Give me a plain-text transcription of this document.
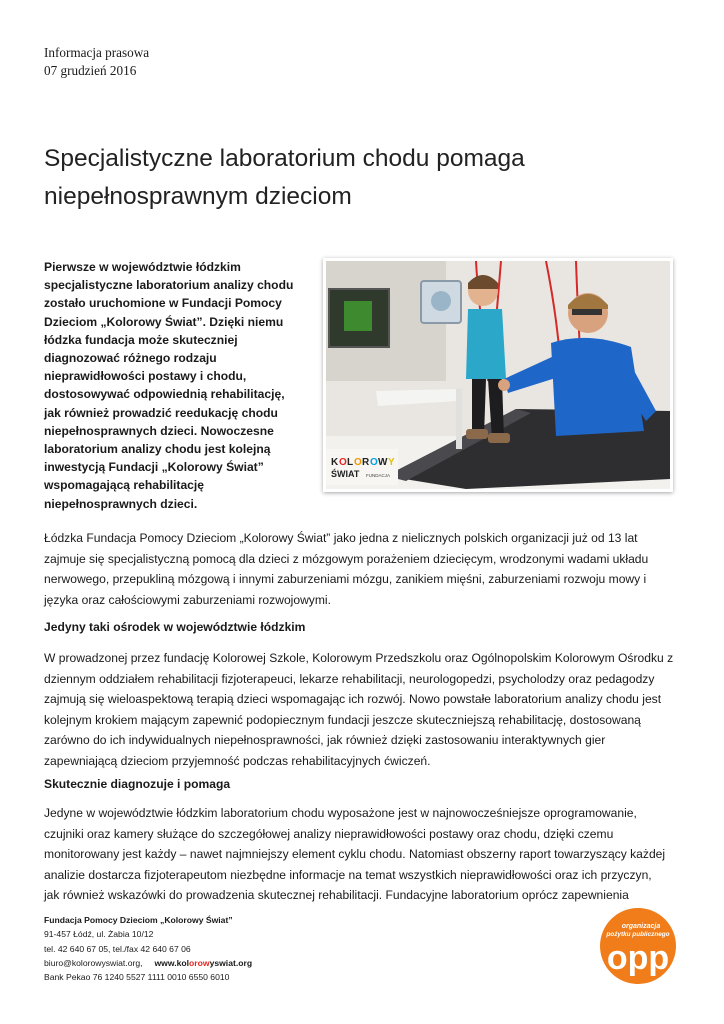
Informacja prasowa
07 grudzień 2016
Specjalistyczne laboratorium chodu pomaga niepełnosprawnym dzieciom
Pierwsze w województwie łódzkim
specjalistyczne laboratorium analizy chodu
zostało uruchomione w Fundacji Pomocy
Dzieciom „Kolorowy Świat”. Dzięki niemu
łódzka fundacja może skuteczniej
diagnozować różnego rodzaju
nieprawidłowości postawy i chodu,
dostosowywać odpowiednią rehabilitację,
jak również prowadzić reedukację chodu
niepełnosprawnych dzieci. Nowoczesne
laboratorium analizy chodu jest kolejną
inwestycją Fundacji „Kolorowy Świat”
wspomagającą rehabilitację
niepełnosprawnych dzieci.
K O L O R O W Y
ŚWIAT FUNDACJA
Łódzka Fundacja Pomocy Dzieciom „Kolorowy Świat” jako jedna z nielicznych polskich organizacji już od 13 lat
zajmuje się specjalistyczną pomocą dla dzieci z mózgowym porażeniem dziecięcym, wrodzonymi wadami układu
nerwowego, przepukliną mózgową i innymi zaburzeniami mózgu, zanikiem mięśni, zaburzeniami rozwoju mowy i
języka oraz całościowymi zaburzeniami rozwojowymi.
Jedyny taki ośrodek w województwie łódzkim
W prowadzonej przez fundację Kolorowej Szkole, Kolorowym Przedszkolu oraz Ogólnopolskim Kolorowym Ośrodku z
dziennym oddziałem rehabilitacji fizjoterapeuci, lekarze rehabilitacji, neurologopedzi, psycholodzy oraz pedagodzy
zajmują się wieloaspektową terapią dzieci wspomagając ich rozwój. Nowo powstałe laboratorium analizy chodu jest
kolejnym krokiem mającym zapewnić podopiecznym fundacji jeszcze skuteczniejszą rehabilitację, dostosowaną
zarówno do ich indywidualnych niepełnosprawności, jak również dzięki zastosowaniu interaktywnych gier
zapewniającą dzieciom przyjemność podczas rehabilitacyjnych ćwiczeń.
Skutecznie diagnozuje i pomaga
Jedyne w województwie łódzkim laboratorium chodu wyposażone jest w najnowocześniejsze oprogramowanie,
czujniki oraz kamery służące do szczegółowej analizy nieprawidłowości postawy oraz chodu, dzięki czemu
monitorowany jest każdy – nawet najmniejszy element cyklu chodu. Natomiast obszerny raport towarzyszący każdej
analizie dostarcza fizjoterapeutom niezbędne informacje na temat wszystkich nieprawidłowości oraz ich przyczyn,
jak również wskazówki do prowadzenia skutecznej rehabilitacji. Fundacyjne laboratorium oprócz zapewnienia
Fundacja Pomocy Dzieciom „Kolorowy Świat”
91-457 Łódź, ul. Żabia 10/12
tel. 42 640 67 05, tel./fax 42 640 67 06
biuro@kolorowyswiat.org, www.kolorowyswiat.org
Bank Pekao 76 1240 5527 1111 0010 6550 6010
organizacja
pożytku publicznego
opp
